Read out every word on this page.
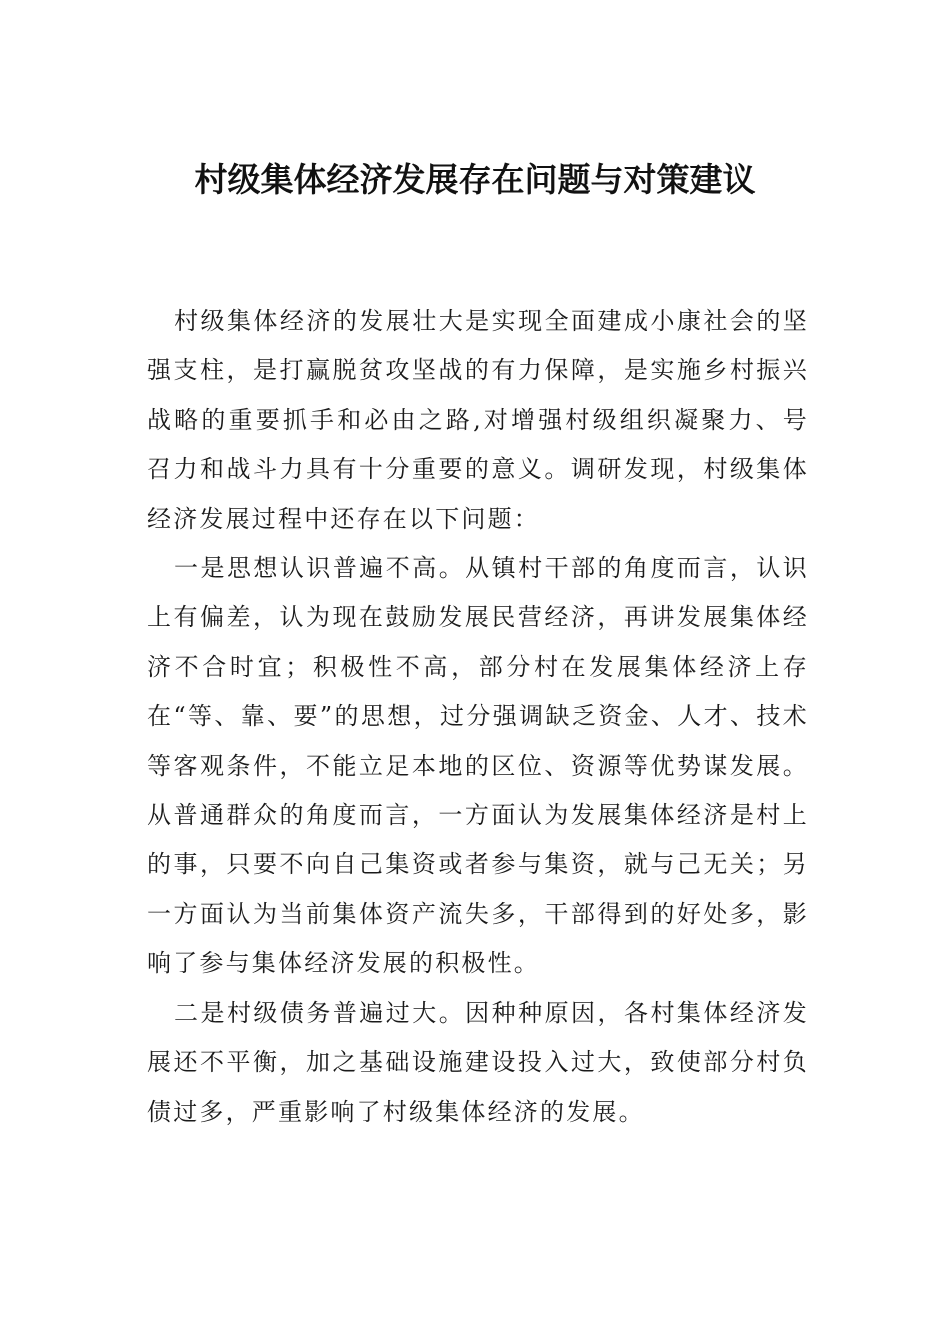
村级集体经济发展存在问题与对策建议

村级集体经济的发展壮大是实现全面建成小康社会的坚强支柱，是打赢脱贫攻坚战的有力保障，是实施乡村振兴战略的重要抓手和必由之路,对增强村级组织凝聚力、号召力和战斗力具有十分重要的意义。调研发现，村级集体经济发展过程中还存在以下问题：

一是思想认识普遍不高。从镇村干部的角度而言，认识上有偏差，认为现在鼓励发展民营经济，再讲发展集体经济不合时宜；积极性不高，部分村在发展集体经济上存在“等、靠、要”的思想，过分强调缺乏资金、人才、技术等客观条件，不能立足本地的区位、资源等优势谋发展。从普通群众的角度而言，一方面认为发展集体经济是村上的事，只要不向自己集资或者参与集资，就与己无关；另一方面认为当前集体资产流失多，干部得到的好处多，影响了参与集体经济发展的积极性。

二是村级债务普遍过大。因种种原因，各村集体经济发展还不平衡，加之基础设施建设投入过大，致使部分村负债过多，严重影响了村级集体经济的发展。
